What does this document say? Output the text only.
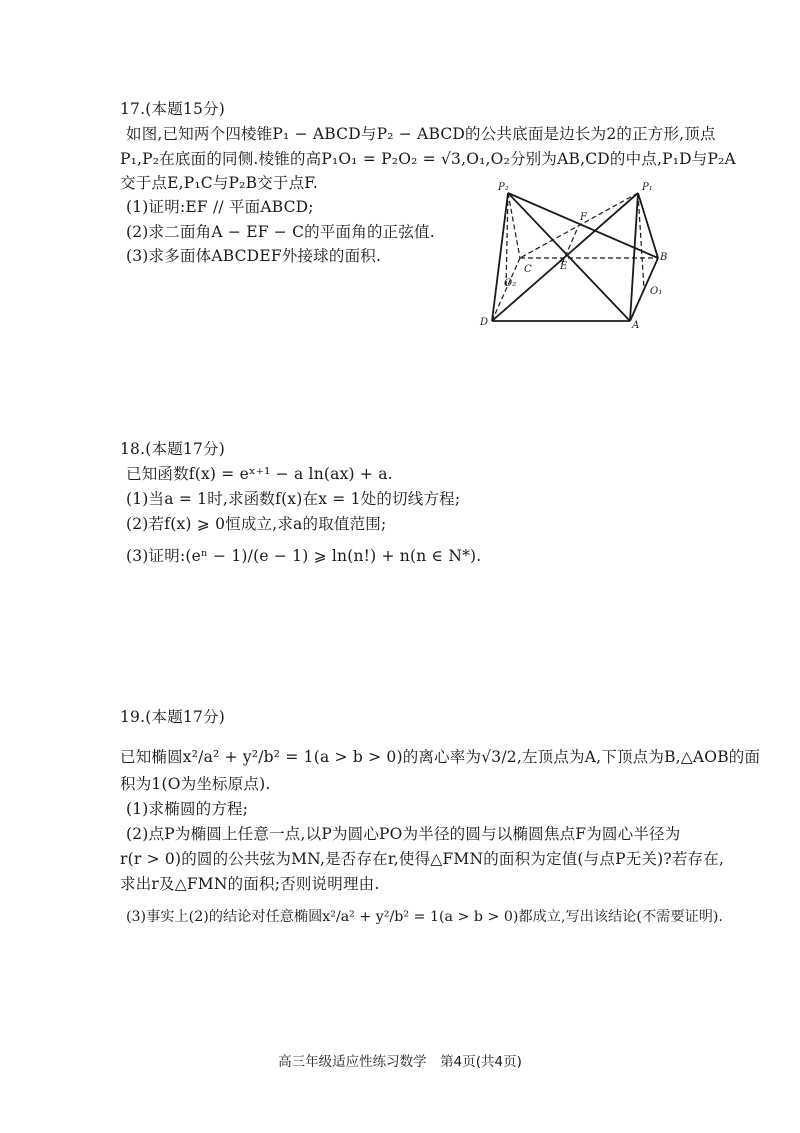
17.(本题15分)
如图,已知两个四棱锥P₁ − ABCD与P₂ − ABCD的公共底面是边长为2的正方形,顶点
P₁,P₂在底面的同侧.棱锥的高P₁O₁ = P₂O₂ = √3,O₁,O₂分别为AB,CD的中点,P₁D与P₂A
交于点E,P₁C与P₂B交于点F.
(1)证明:EF // 平面ABCD;
(2)求二面角A − EF − C的平面角的正弦值.
(3)求多面体ABCDEF外接球的面积.
P₂	P₁
F
C	E
B
O₂
O₁
D	A
18.(本题17分)
已知函数f(x) = eˣ⁺¹ − a ln(ax) + a.
(1)当a = 1时,求函数f(x)在x = 1处的切线方程;
(2)若f(x) ⩾ 0恒成立,求a的取值范围;
(3)证明:(eⁿ − 1)/(e − 1) ⩾ ln(n!) + n(n ∈ N*).
19.(本题17分)
已知椭圆x²/a² + y²/b² = 1(a > b > 0)的离心率为√3/2,左顶点为A,下顶点为B,△AOB的面
积为1(O为坐标原点).
(1)求椭圆的方程;
(2)点P为椭圆上任意一点,以P为圆心PO为半径的圆与以椭圆焦点F为圆心半径为
r(r > 0)的圆的公共弦为MN,是否存在r,使得△FMN的面积为定值(与点P无关)?若存在,
求出r及△FMN的面积;否则说明理由.
(3)事实上(2)的结论对任意椭圆x²/a² + y²/b² = 1(a > b > 0)都成立,写出该结论(不需要证明).
高三年级适应性练习数学　第4页(共4页)
